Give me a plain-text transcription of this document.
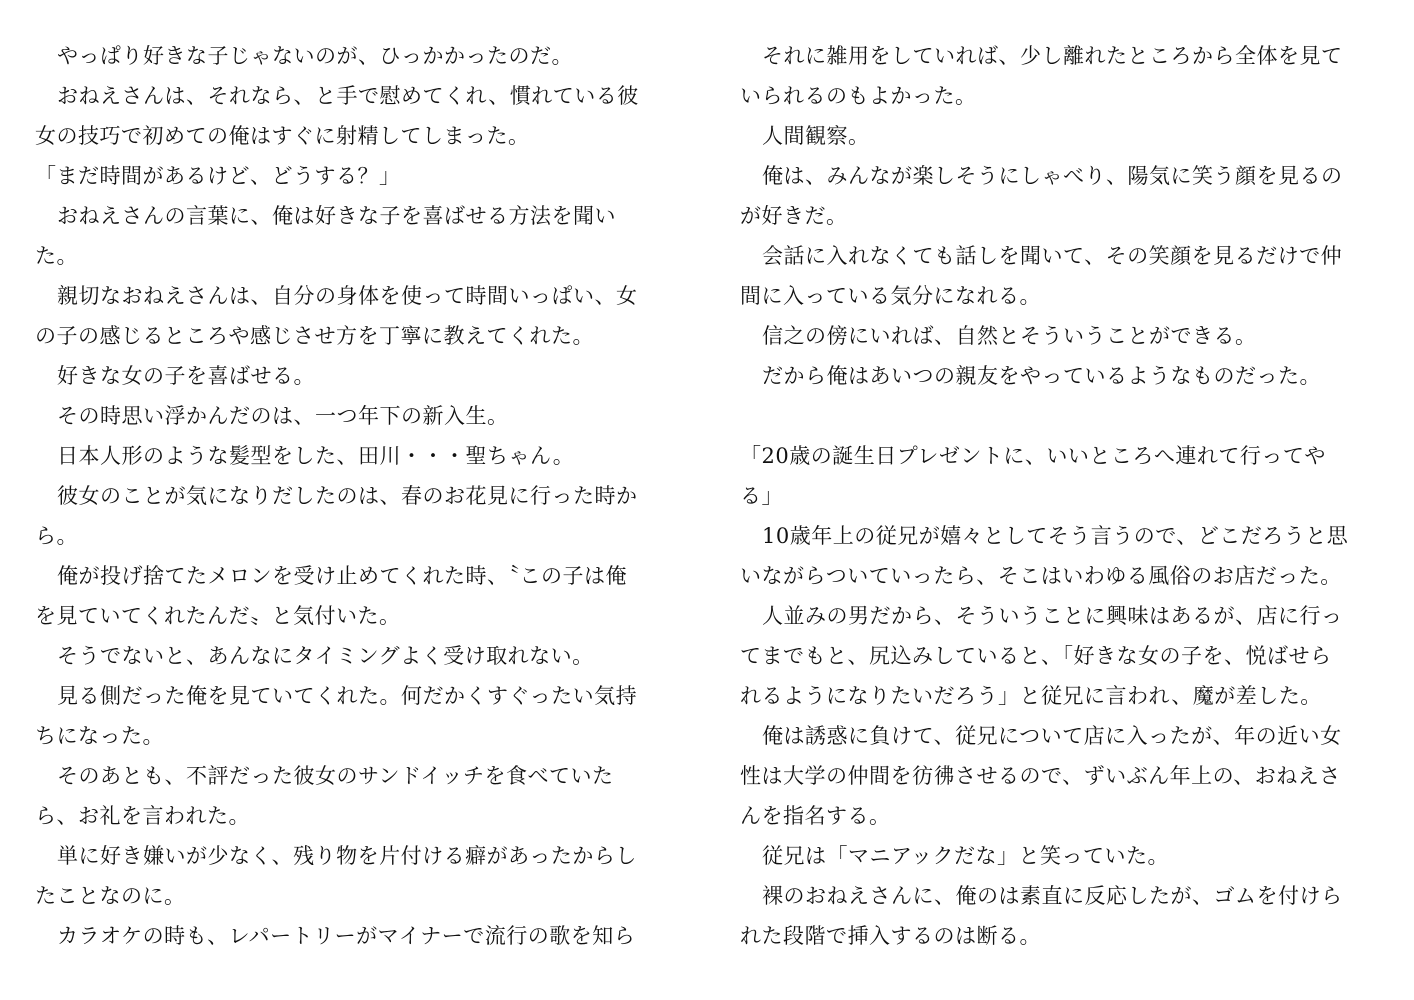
やっぱり好きな子じゃないのが、ひっかかったのだ。
おねえさんは、それなら、と手で慰めてくれ、慣れている彼
女の技巧で初めての俺はすぐに射精してしまった。
「まだ時間があるけど、どうする？」
おねえさんの言葉に、俺は好きな子を喜ばせる方法を聞い
た。
親切なおねえさんは、自分の身体を使って時間いっぱい、女
の子の感じるところや感じさせ方を丁寧に教えてくれた。
好きな女の子を喜ばせる。
その時思い浮かんだのは、一つ年下の新入生。
日本人形のような髪型をした、田川・・・聖ちゃん。
彼女のことが気になりだしたのは、春のお花見に行った時か
ら。
俺が投げ捨てたメロンを受け止めてくれた時、〝この子は俺
を見ていてくれたんだ〟と気付いた。
そうでないと、あんなにタイミングよく受け取れない。
見る側だった俺を見ていてくれた。何だかくすぐったい気持
ちになった。
そのあとも、不評だった彼女のサンドイッチを食べていた
ら、お礼を言われた。
単に好き嫌いが少なく、残り物を片付ける癖があったからし
たことなのに。
カラオケの時も、レパートリーがマイナーで流行の歌を知ら
それに雑用をしていれば、少し離れたところから全体を見て
いられるのもよかった。
人間観察。
俺は、みんなが楽しそうにしゃべり、陽気に笑う顔を見るの
が好きだ。
会話に入れなくても話しを聞いて、その笑顔を見るだけで仲
間に入っている気分になれる。
信之の傍にいれば、自然とそういうことができる。
だから俺はあいつの親友をやっているようなものだった。
「20歳の誕生日プレゼントに、いいところへ連れて行ってや
る」
10歳年上の従兄が嬉々としてそう言うので、どこだろうと思
いながらついていったら、そこはいわゆる風俗のお店だった。
人並みの男だから、そういうことに興味はあるが、店に行っ
てまでもと、尻込みしていると、「好きな女の子を、悦ばせら
れるようになりたいだろう」と従兄に言われ、魔が差した。
俺は誘惑に負けて、従兄について店に入ったが、年の近い女
性は大学の仲間を彷彿させるので、ずいぶん年上の、おねえさ
んを指名する。
従兄は「マニアックだな」と笑っていた。
裸のおねえさんに、俺のは素直に反応したが、ゴムを付けら
れた段階で挿入するのは断る。
